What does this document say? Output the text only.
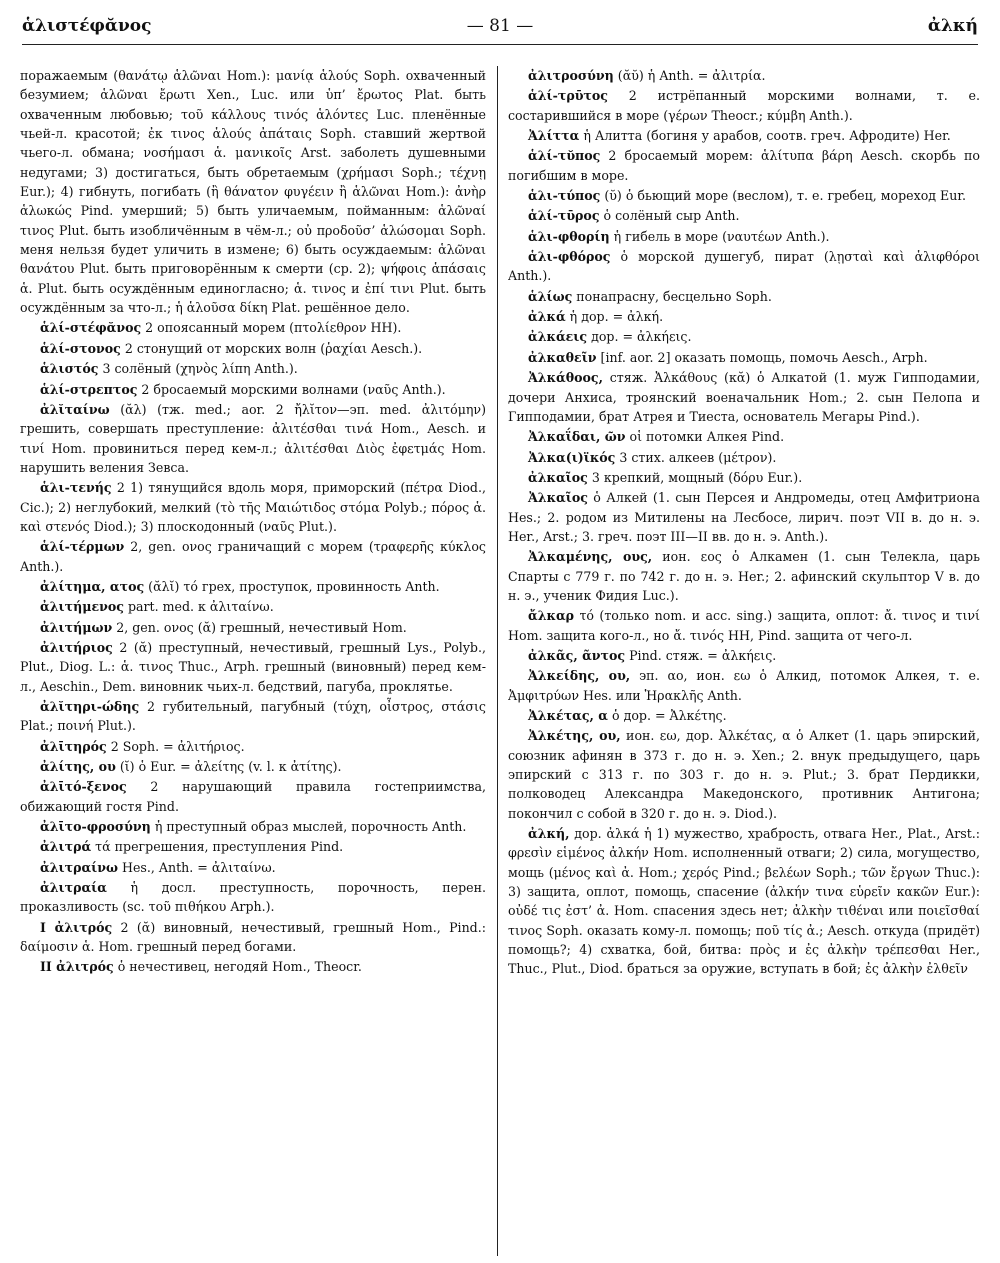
ἁλιστέφᾰνος	— 81 —	ἀλκή

поражаемым (θανάτῳ ἁλῶναι Hom.): μανίᾳ ἁλούς Soph. охваченный безумием; ἁλῶναι ἔρωτι Xen., Luc. или ὑπ’ ἔρωτος Plat. быть охваченным любовью; τοῦ κάλλους τινός ἁλόντες Luc. пленённые чьей-л. красотой; ἐκ τινος ἁλούς ἀπάταις Soph. ставший жертвой чьего-л. обмана; νοσήμασι ἁ. μανικοῖς Arst. заболеть душевными недугами; 3) достигаться, быть обретаемым (χρήμασι Soph.; τέχνῃ Eur.); 4) гибнуть, погибать (ἢ θάνατον φυγέειν ἢ ἁλῶναι Hom.): ἀνὴρ ἁλωκώς Pind. умерший; 5) быть уличаемым, пойманным: ἁλῶναί τινος Plut. быть изобличённым в чём-л.; οὐ προδοῦσ’ ἁλώσομαι Soph. меня нельзя будет уличить в измене; 6) быть осуждаемым: ἁλῶναι θανάτου Plut. быть приговорённым к смерти (ср. 2); ψήφοις ἁπάσαις ἁ. Plut. быть осуждённым единогласно; ἁ. τινος и ἐπί τινι Plut. быть осуждённым за что-л.; ἡ ἁλοῦσα δίκη Plat. решённое дело.

ἁλί-στέφᾰνος 2 опоясанный морем (πτολίεθρον HH).

ἁλί-στονος 2 стонущий от морских волн (ῥαχίαι Aesch.).

ἁλιστός 3 солёный (χηνὸς λίπη Anth.).

ἁλί-στρεπτος 2 бросаемый морскими волнами (ναῦς Anth.).

ἀλῐταίνω (ᾰλ) (тж. med.; aor. 2 ἤλῐτον—эп. med. ἀλιτόμην) грешить, совершать преступление: ἀλιτέσθαι τινά Hom., Aesch. и τινί Hom. провиниться перед кем-л.; ἀλιτέσθαι Διὸς ἐφετμάς Hom. нарушить веления Зевса.

ἁλι-τενής 2 1) тянущийся вдоль моря, приморский (πέτρα Diod., Cic.); 2) неглубокий, мелкий (τὸ τῆς Μαιώτιδος στόμα Polyb.; πόρος ἁ. καὶ στενός Diod.); 3) плоскодонный (ναῦς Plut.).

ἁλί-τέρμων 2, gen. ονος граничащий с морем (τραφερῆς κύκλος Anth.).

ἀλίτημα, ατος (ᾰλῐ) τό грех, проступок, провинность Anth.

ἀλιτήμενος part. med. к ἀλιταίνω.

ἀλιτήμων 2, gen. ονος (ᾰ) грешный, нечестивый Hom.

ἀλιτήριος 2 (ᾰ) преступный, нечестивый, грешный Lys., Polyb., Plut., Diog. L.: ἁ. τινος Thuc., Arph. грешный (виновный) перед кем-л., Aeschin., Dem. виновник чьих-л. бедствий, пагуба, проклятье.

ἀλῐτηρι-ώδης 2 губительный, пагубный (τύχη, οἶστρος, στάσις Plat.; ποινή Plut.).

ἀλῑτηρός 2 Soph. = ἀλιτήριος.

ἀλίτης, ου (ῐ) ὁ Eur. = ἀλείτης (v. l. к ἀτίτης).

ἀλῑτό-ξενος 2 нарушающий правила гостеприимства, обижающий гостя Pind.

ἀλῑτο-φροσύνη ἡ преступный образ мыслей, порочность Anth.

ἀλιτρά τά прегрешения, преступления Pind.

ἀλιτραίνω Hes., Anth. = ἀλιταίνω.

ἀλιτραία ἡ досл. преступность, порочность, перен. проказливость (sc. τοῦ πιθήκου Arph.).

I ἀλιτρός 2 (ᾰ) виновный, нечестивый, грешный Hom., Pind.: δαίμοσιν ἁ. Hom. грешный перед богами.

II ἀλιτρός ὁ нечестивец, негодяй Hom., Theocr.

ἀλιτροσύνη (ᾰῠ) ἡ Anth. = ἀλιτρία.

ἁλί-τρῡτος 2 истрёпанный морскими волнами, т. е. состарившийся в море (γέρων Theocr.; κύμβη Anth.).

Ἀλίττα ἡ Алитта (богиня у арабов, соотв. греч. Афродите) Her.

ἁλί-τῠπος 2 бросаемый морем: ἁλίτυπα βάρη Aesch. скорбь по погибшим в море.

ἁλι-τύπος (ῠ) ὁ бьющий море (веслом), т. е. гребец, мореход Eur.

ἁλί-τῡρος ὁ солёный сыр Anth.

ἁλι-φθορίη ἡ гибель в море (ναυτέων Anth.).

ἁλι-φθόρος ὁ морской душегуб, пират (λῃσταὶ καὶ ἁλιφθόροι Anth.).

ἁλίως понапрасну, бесцельно Soph.

ἀλκά ἡ дор. = ἀλκή.

ἀλκάεις дор. = ἀλκήεις.

ἀλκαθεῖν [inf. aor. 2] оказать помощь, помочь Aesch., Arph.

Ἀλκάθοος, стяж. Ἀλκάθους (κᾰ) ὁ Алкатой (1. муж Гипподамии, дочери Анхиса, троянский военачальник Hom.; 2. сын Пелопа и Гипподамии, брат Атрея и Тиеста, основатель Мегары Pind.).

Ἀλκαΐδαι, ῶν οἱ потомки Алкея Pind.

Ἀλκα(ι)ϊκός 3 стих. алкеев (μέτρον).

ἀλκαῖος 3 крепкий, мощный (δόρυ Eur.).

Ἀλκαῖος ὁ Алкей (1. сын Персея и Андромеды, отец Амфитриона Hes.; 2. родом из Митилены на Лесбосе, лирич. поэт VII в. до н. э. Her., Arst.; 3. греч. поэт III—II вв. до н. э. Anth.).

Ἀλκαμένης, ους, ион. εος ὁ Алкамен (1. сын Телекла, царь Спарты с 779 г. по 742 г. до н. э. Her.; 2. афинский скульптор V в. до н. э., ученик Фидия Luc.).

ἄλκαρ τό (только nom. и acc. sing.) защита, оплот: ἄ. τινος и τινί Hom. защита кого-л., но ἄ. τινός HH, Pind. защита от чего-л.

ἀλκᾶς, ᾶντος Pind. стяж. = ἀλκήεις.

Ἀλκείδης, ου, эп. αο, ион. εω ὁ Алкид, потомок Алкея, т. е. Ἀμφιτρύων Hes. или Ἡρακλῆς Anth.

Ἀλκέτας, α ὁ дор. = Ἀλκέτης.

Ἀλκέτης, ου, ион. εω, дор. Ἀλκέτας, α ὁ Алкет (1. царь эпирский, союзник афинян в 373 г. до н. э. Xen.; 2. внук предыдущего, царь эпирский с 313 г. по 303 г. до н. э. Plut.; 3. брат Пердикки, полководец Александра Македонского, противник Антигона; покончил с собой в 320 г. до н. э. Diod.).

ἀλκή, дор. ἀλκά ἡ 1) мужество, храбрость, отвага Her., Plat., Arst.: φρεσὶν εἱμένος ἀλκήν Hom. исполненный отваги; 2) сила, могущество, мощь (μένος καὶ ἀ. Hom.; χερός Pind.; βελέων Soph.; τῶν ἔργων Thuc.): 3) защита, оплот, помощь, спасение (ἀλκήν τινα εὑρεῖν κακῶν Eur.): οὐδέ τις ἐστ’ ἀ. Hom. спасения здесь нет; ἀλκὴν τιθέναι или ποιεῖσθαί τινος Soph. оказать кому-л. помощь; ποῦ τίς ἀ.; Aesch. откуда (придёт) помощь?; 4) схватка, бой, битва: πρὸς и ἐς ἀλκὴν τρέπεσθαι Her., Thuc., Plut., Diod. браться за оружие, вступать в бой; ἐς ἀλκὴν ἐλθεῖν
